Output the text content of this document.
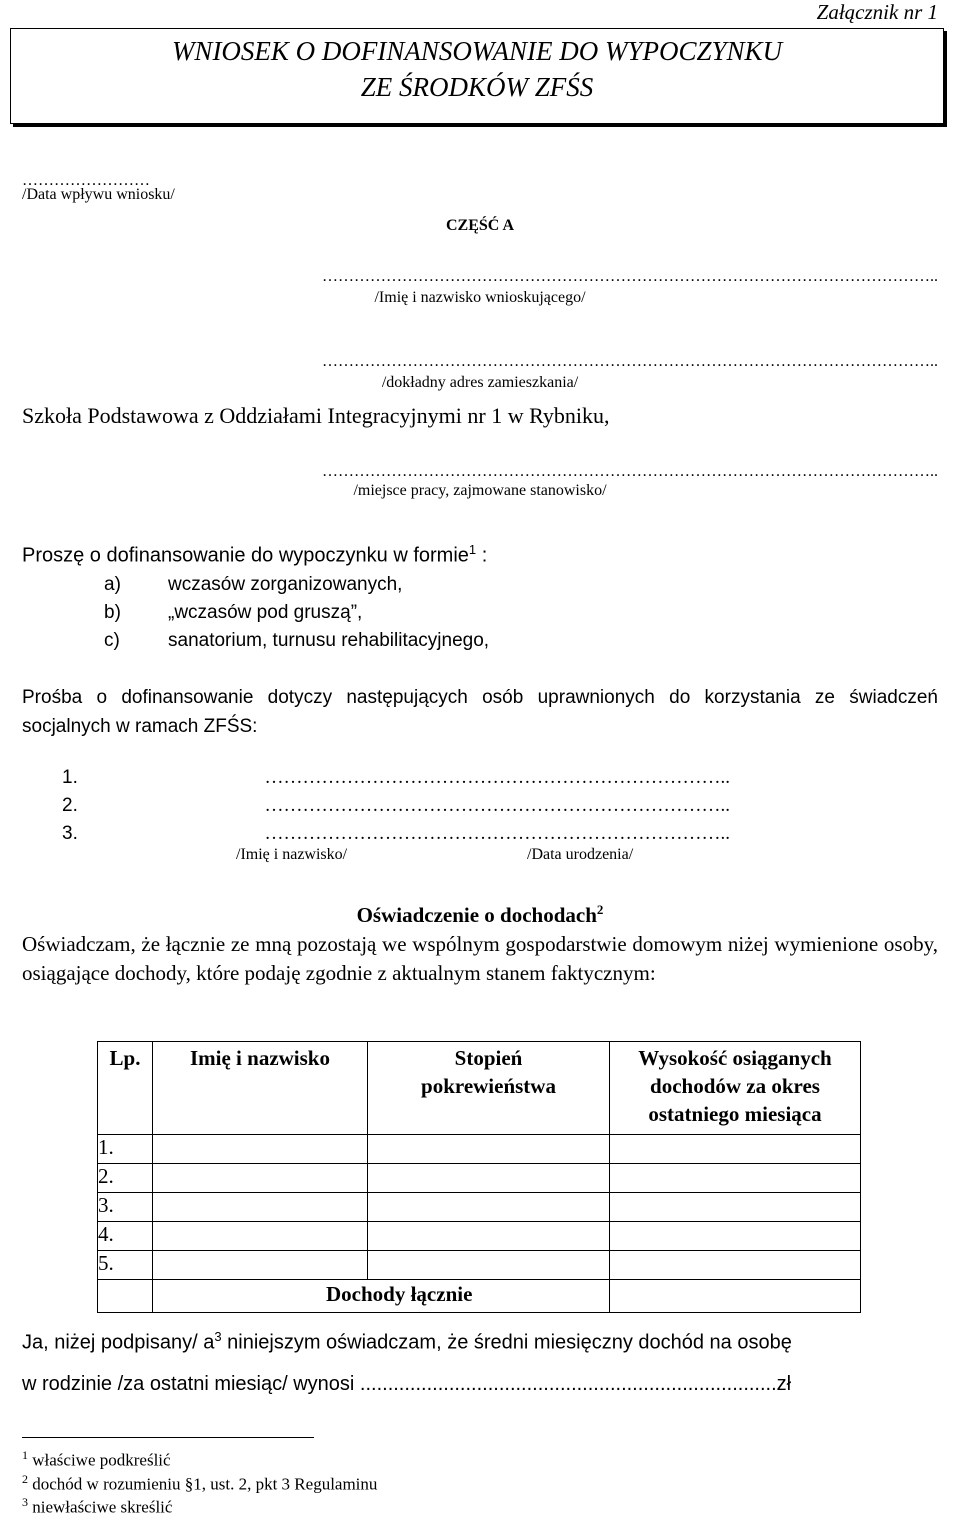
Załącznik nr 1
WNIOSEK O DOFINANSOWANIE DO WYPOCZYNKU
ZE ŚRODKÓW ZFŚS
……………………
/Data wpływu wniosku/
CZĘŚĆ A
……………………………………………………………………………………………………..
/Imię i nazwisko wnioskującego/
……………………………………………………………………………………………………..
/dokładny adres zamieszkania/
Szkoła Podstawowa z Oddziałami Integracyjnymi nr 1 w Rybniku,
……………………………………………………………………………………………………..
/miejsce pracy, zajmowane stanowisko/
Proszę o dofinansowanie do wypoczynku w formie$^1$ :
a) wczasów zorganizowanych,
b) „wczasów pod gruszą”,
c)	sanatorium, turnusu rehabilitacyjnego,
Prośba o dofinansowanie dotyczy następujących osób uprawnionych do korzystania ze świadczeń socjalnych w ramach ZFŚS:
1.	………………………………………………………………..
2.	………………………………………………………………..
3.	………………………………………………………………..
/Imię i nazwisko/	/Data urodzenia/
Oświadczenie o dochodach$^2$
Oświadczam, że łącznie ze mną pozostają we wspólnym gospodarstwie domowym niżej wymienione osoby, osiągające dochody, które podaję zgodnie z aktualnym stanem faktycznym:
Lp.	Imię i nazwisko	Stopień pokrewieństwa	Wysokość osiąganych dochodów za okres ostatniego miesiąca

1.			
2.			
3.			
4.			
5.			
	Dochody łącznie		
Ja, niżej podpisany/ $a^3$ niniejszym oświadczam, że średni miesięczny dochód na osobę
w rodzinie /za ostatni miesiąc/ wynosi ...........................................................................zł
$^1$ właściwe podkreślić
$^2$ dochód w rozumieniu §1, ust. 2, pkt 3 Regulaminu
$^3$ niewłaściwe skreślić
